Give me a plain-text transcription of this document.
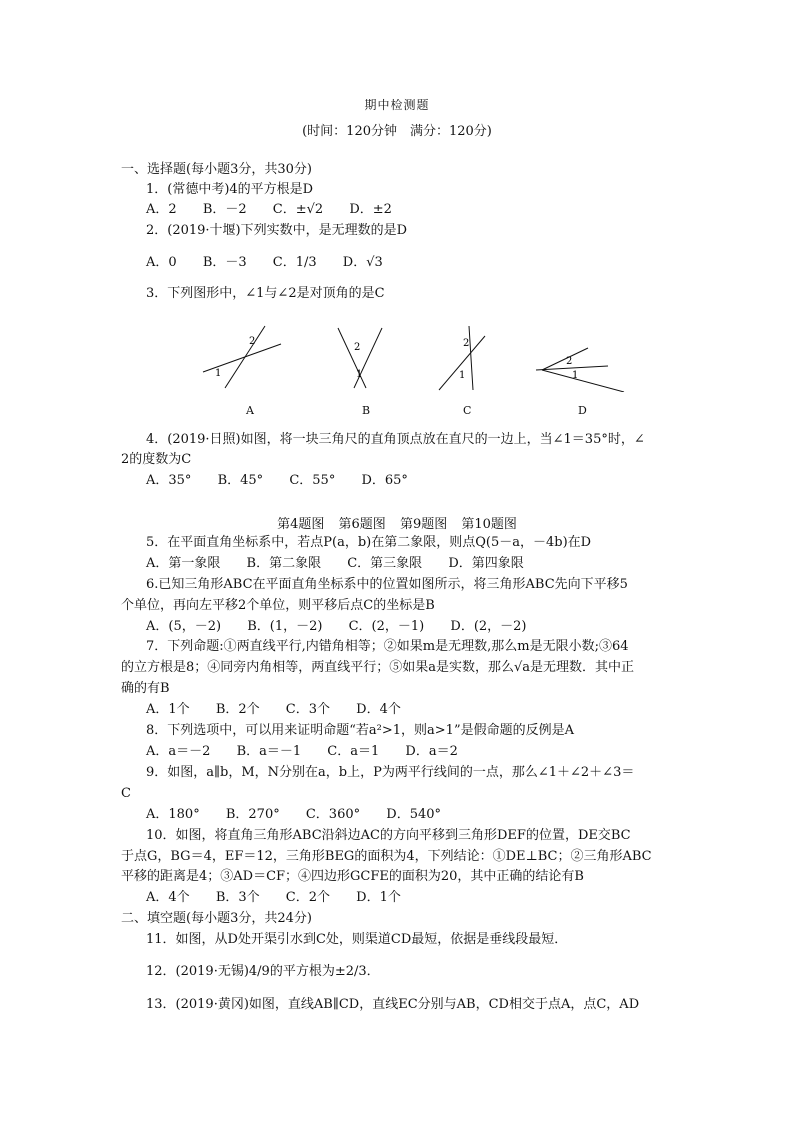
期中检测题
(时间：120分钟　满分：120分)
一、选择题(每小题3分，共30分)
1．(常德中考)4的平方根是D
A．2 B．－2 C．±√2 D．±2
2．(2019·十堰)下列实数中，是无理数的是D
A．0 B．－3 C．1/3 D．√3
3．下列图形中，∠1与∠2是对顶角的是C
2
1
2
1
2
1
2
1
A	B	C	D
4．(2019·日照)如图，将一块三角尺的直角顶点放在直尺的一边上，当∠1＝35°时，∠
2的度数为C
A．35° B．45° C．55° D．65°
第4题图 第6题图 第9题图 第10题图
5．在平面直角坐标系中，若点P(a，b)在第二象限，则点Q(5－a，－4b)在D
A．第一象限 B．第二象限 C．第三象限 D．第四象限
6.已知三角形ABC在平面直角坐标系中的位置如图所示，将三角形ABC先向下平移5
个单位，再向左平移2个单位，则平移后点C的坐标是B
A．(5，－2) B．(1，－2) C．(2，－1) D．(2，－2)
7．下列命题:①两直线平行,内错角相等；②如果m是无理数,那么m是无限小数;③64
的立方根是8；④同旁内角相等，两直线平行；⑤如果a是实数，那么√a是无理数．其中正
确的有B
A．1个 B．2个 C．3个 D．4个
8．下列选项中，可以用来证明命题“若a²>1，则a>1”是假命题的反例是A
A．a＝－2 B．a＝－1 C．a＝1 D．a＝2
9．如图，a∥b，M，N分别在a，b上，P为两平行线间的一点，那么∠1＋∠2＋∠3＝
C
A．180° B．270° C．360° D．540°
10．如图，将直角三角形ABC沿斜边AC的方向平移到三角形DEF的位置，DE交BC
于点G，BG＝4，EF＝12，三角形BEG的面积为4，下列结论：①DE⊥BC；②三角形ABC
平移的距离是4；③AD＝CF；④四边形GCFE的面积为20，其中正确的结论有B
A．4个 B．3个 C．2个 D．1个
二、填空题(每小题3分，共24分)
11．如图，从D处开渠引水到C处，则渠道CD最短，依据是垂线段最短．
12．(2019·无锡)4/9的平方根为±2/3．
13．(2019·黄冈)如图，直线AB∥CD，直线EC分别与AB，CD相交于点A，点C，AD
